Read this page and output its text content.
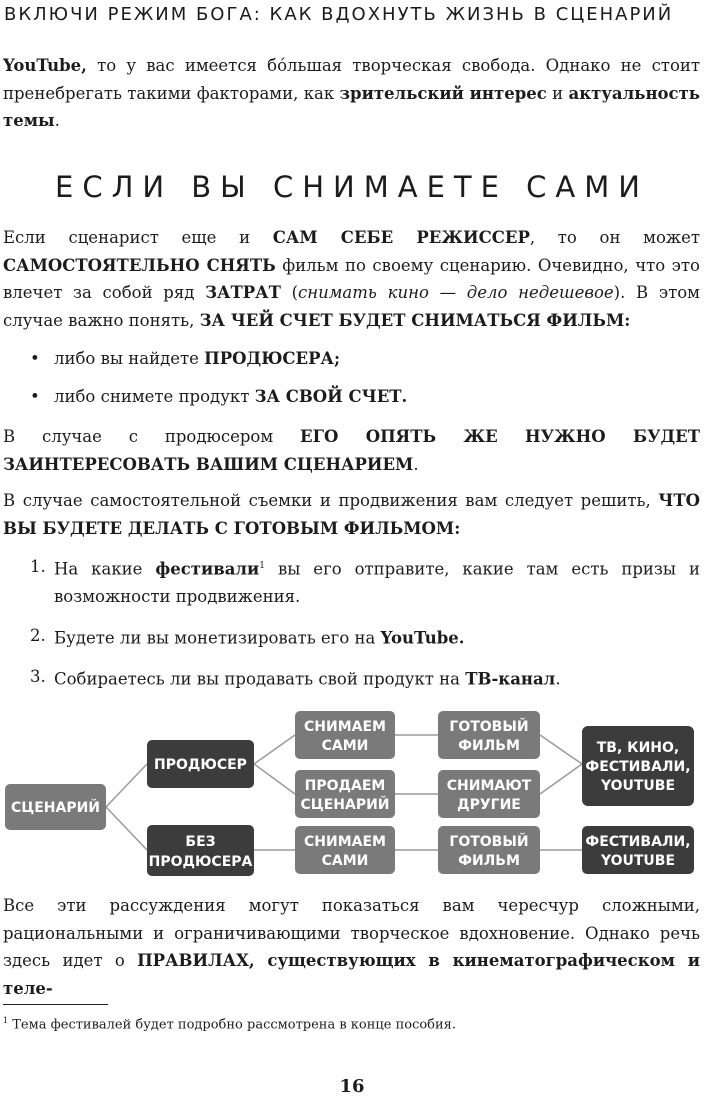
ВКЛЮЧИ РЕЖИМ БОГА: КАК ВДОХНУТЬ ЖИЗНЬ В СЦЕНАРИЙ

YouTube, то у вас имеется бо́льшая творческая свобода. Однако не стоит пренебрегать такими факторами, как зрительский интерес и актуальность темы.

ЕСЛИ ВЫ СНИМАЕТЕ САМИ

Если сценарист еще и САМ СЕБЕ РЕЖИССЕР, то он может САМОСТОЯТЕЛЬНО СНЯТЬ фильм по своему сценарию. Очевидно, что это влечет за собой ряд ЗАТРАТ (снимать кино — дело недешевое). В этом случае важно понять, ЗА ЧЕЙ СЧЕТ БУДЕТ СНИМАТЬСЯ ФИЛЬМ:

• либо вы найдете ПРОДЮСЕРА;
• либо снимете продукт ЗА СВОЙ СЧЕТ.

В случае с продюсером ЕГО ОПЯТЬ ЖЕ НУЖНО БУДЕТ ЗАИНТЕРЕСОВАТЬ ВАШИМ СЦЕНАРИЕМ.

В случае самостоятельной съемки и продвижения вам следует решить, ЧТО ВЫ БУДЕТЕ ДЕЛАТЬ С ГОТОВЫМ ФИЛЬМОМ:

1. На какие фестивали$^1$ вы его отправите, какие там есть призы и возможности продвижения.
2. Будете ли вы монетизировать его на YouTube.
3. Собираетесь ли вы продавать свой продукт на ТВ-канал.
СЦЕНАРИЙ
ПРОДЮСЕР
БЕЗ
ПРОДЮСЕРА
СНИМАЕМ
САМИ
ПРОДАЕМ
СЦЕНАРИЙ
СНИМАЕМ
САМИ
ГОТОВЫЙ
ФИЛЬМ
СНИМАЮТ
ДРУГИЕ
ГОТОВЫЙ
ФИЛЬМ
ТВ, КИНО,
ФЕСТИВАЛИ,
YOUTUBE
ФЕСТИВАЛИ,
YOUTUBE

Все эти рассуждения могут показаться вам чересчур сложными, рациональными и ограничивающими творческое вдохновение. Однако речь здесь идет о ПРАВИЛАХ, существующих в кинематографическом и теле-

$^1$ Тема фестивалей будет подробно рассмотрена в конце пособия.
16
